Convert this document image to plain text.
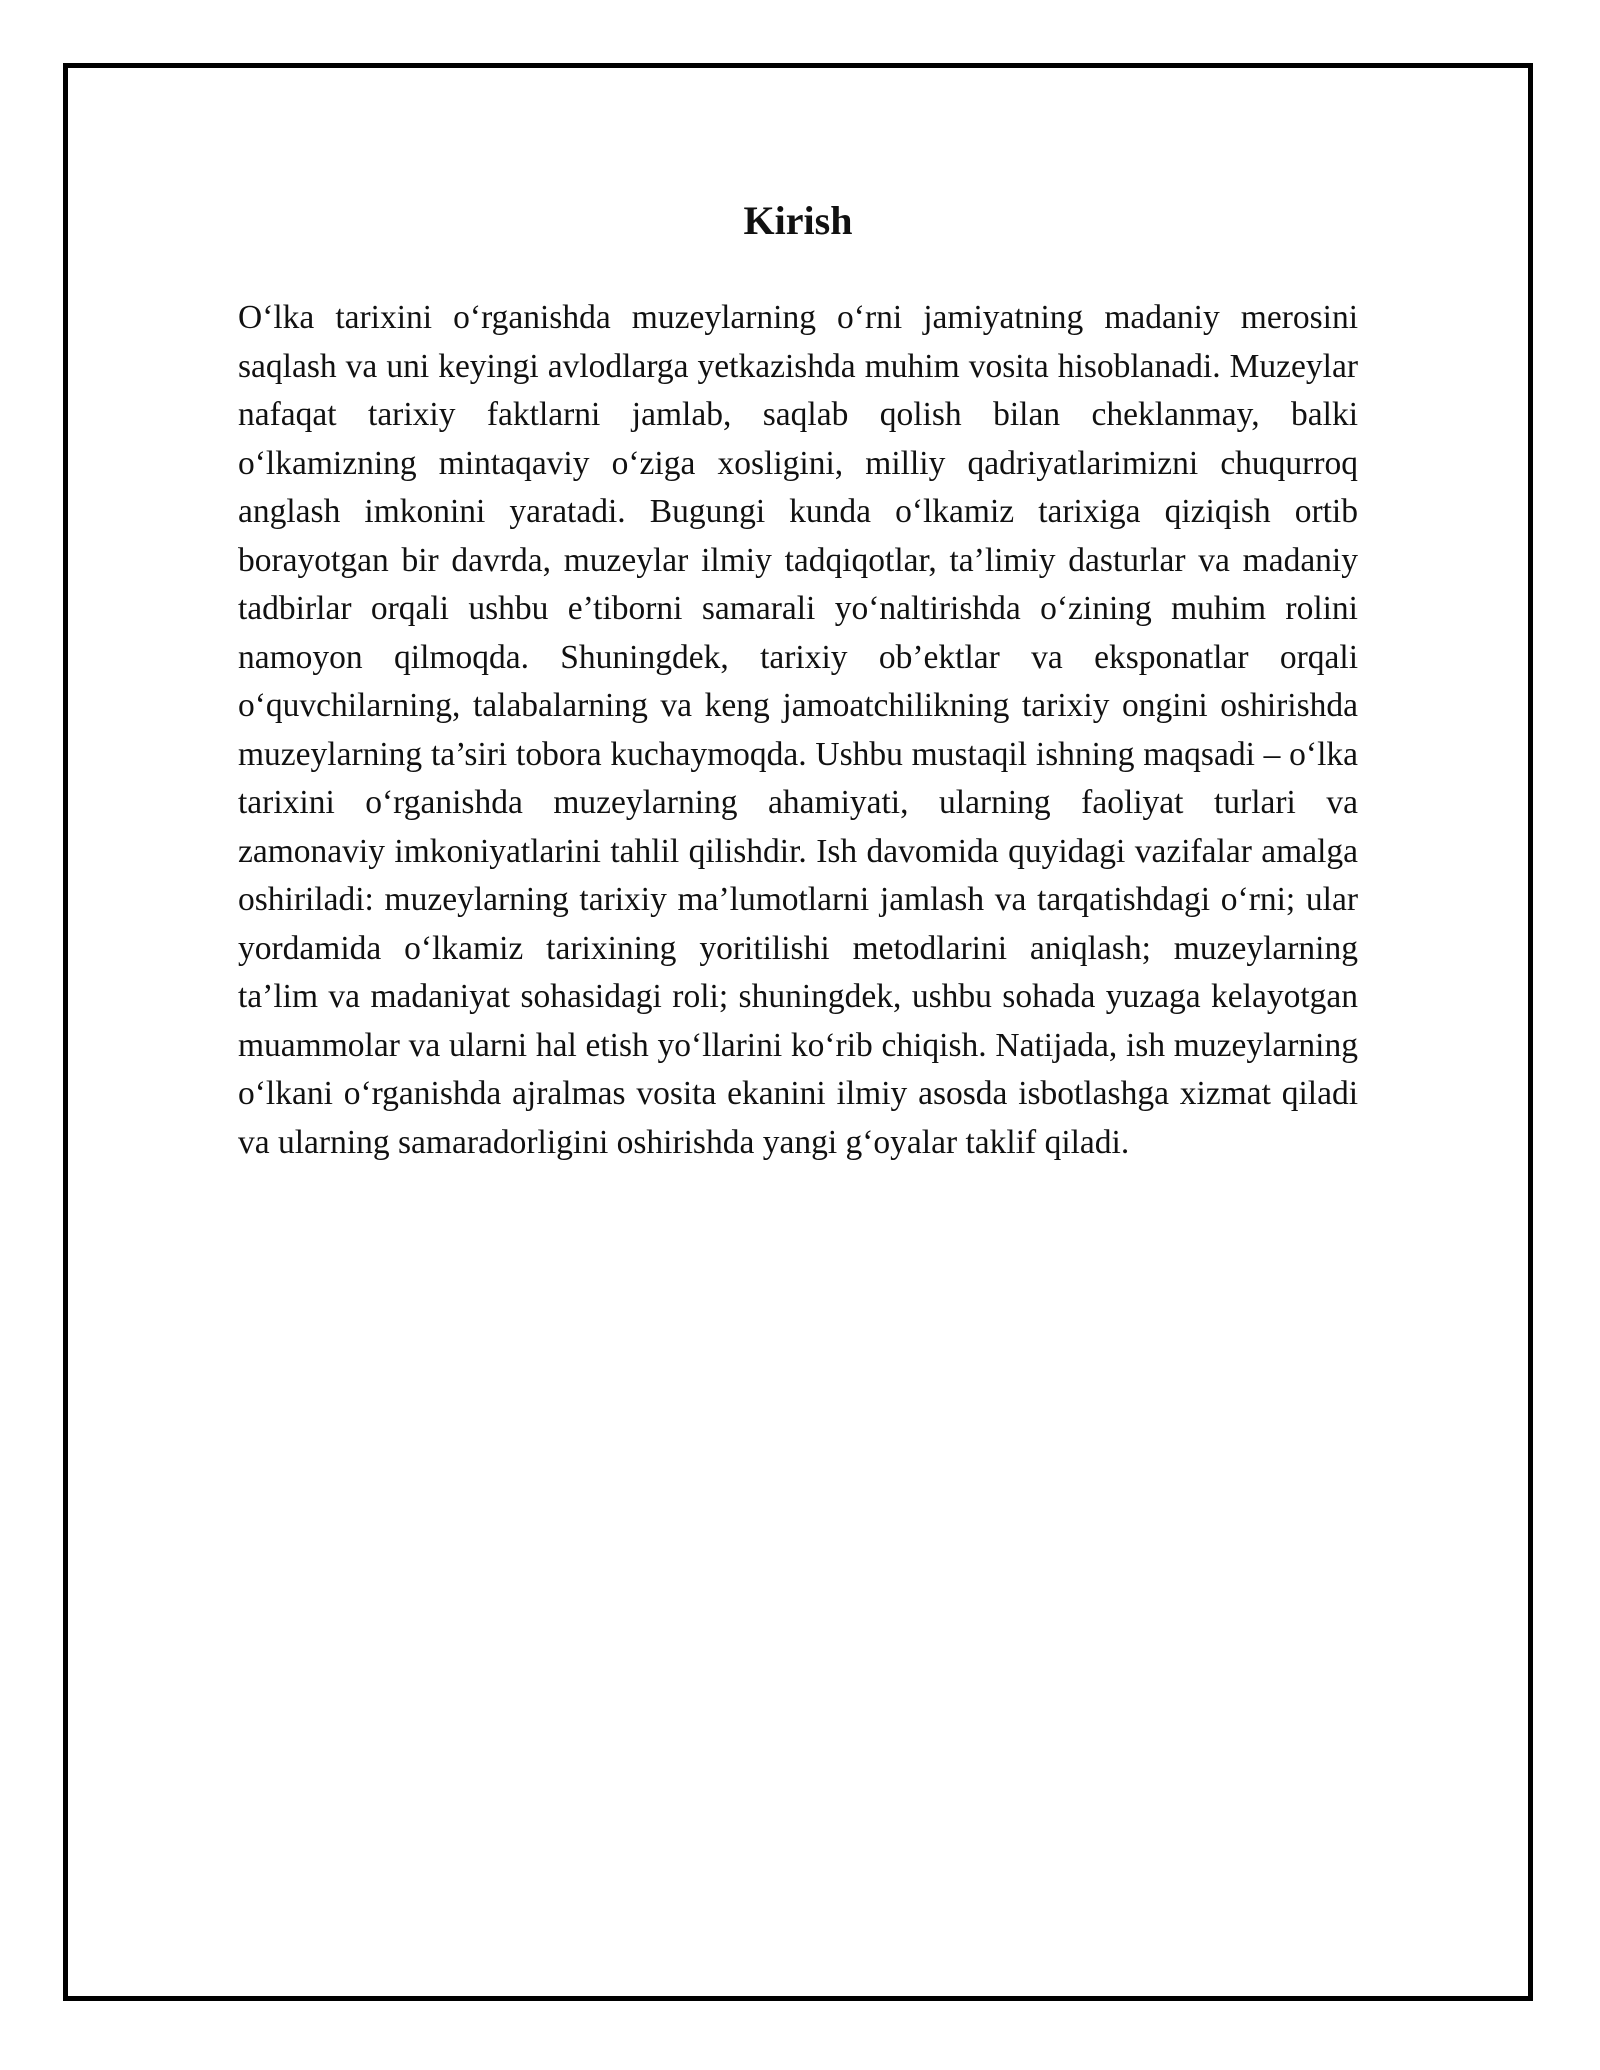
Kirish

O‘lka tarixini o‘rganishda muzeylarning o‘rni jamiyatning madaniy merosini saqlash va uni keyingi avlodlarga yetkazishda muhim vosita hisoblanadi. Muzeylar nafaqat tarixiy faktlarni jamlab, saqlab qolish bilan cheklanmay, balki o‘lkamizning mintaqaviy o‘ziga xosligini, milliy qadriyatlarimizni chuqurroq anglash imkonini yaratadi. Bugungi kunda o‘lkamiz tarixiga qiziqish ortib borayotgan bir davrda, muzeylar ilmiy tadqiqotlar, ta’limiy dasturlar va madaniy tadbirlar orqali ushbu e’tiborni samarali yo‘naltirishda o‘zining muhim rolini namoyon qilmoqda. Shuningdek, tarixiy ob’ektlar va eksponatlar orqali o‘quvchilarning, talabalarning va keng jamoatchilikning tarixiy ongini oshirishda muzeylarning ta’siri tobora kuchaymoqda. Ushbu mustaqil ishning maqsadi – o‘lka tarixini o‘rganishda muzeylarning ahamiyati, ularning faoliyat turlari va zamonaviy imkoniyatlarini tahlil qilishdir. Ish davomida quyidagi vazifalar amalga oshiriladi: muzeylarning tarixiy ma’lumotlarni jamlash va tarqatishdagi o‘rni; ular yordamida o‘lkamiz tarixining yoritilishi metodlarini aniqlash; muzeylarning ta’lim va madaniyat sohasidagi roli; shuningdek, ushbu sohada yuzaga kelayotgan muammolar va ularni hal etish yo‘llarini ko‘rib chiqish. Natijada, ish muzeylarning o‘lkani o‘rganishda ajralmas vosita ekanini ilmiy asosda isbotlashga xizmat qiladi va ularning samaradorligini oshirishda yangi g‘oyalar taklif qiladi.
